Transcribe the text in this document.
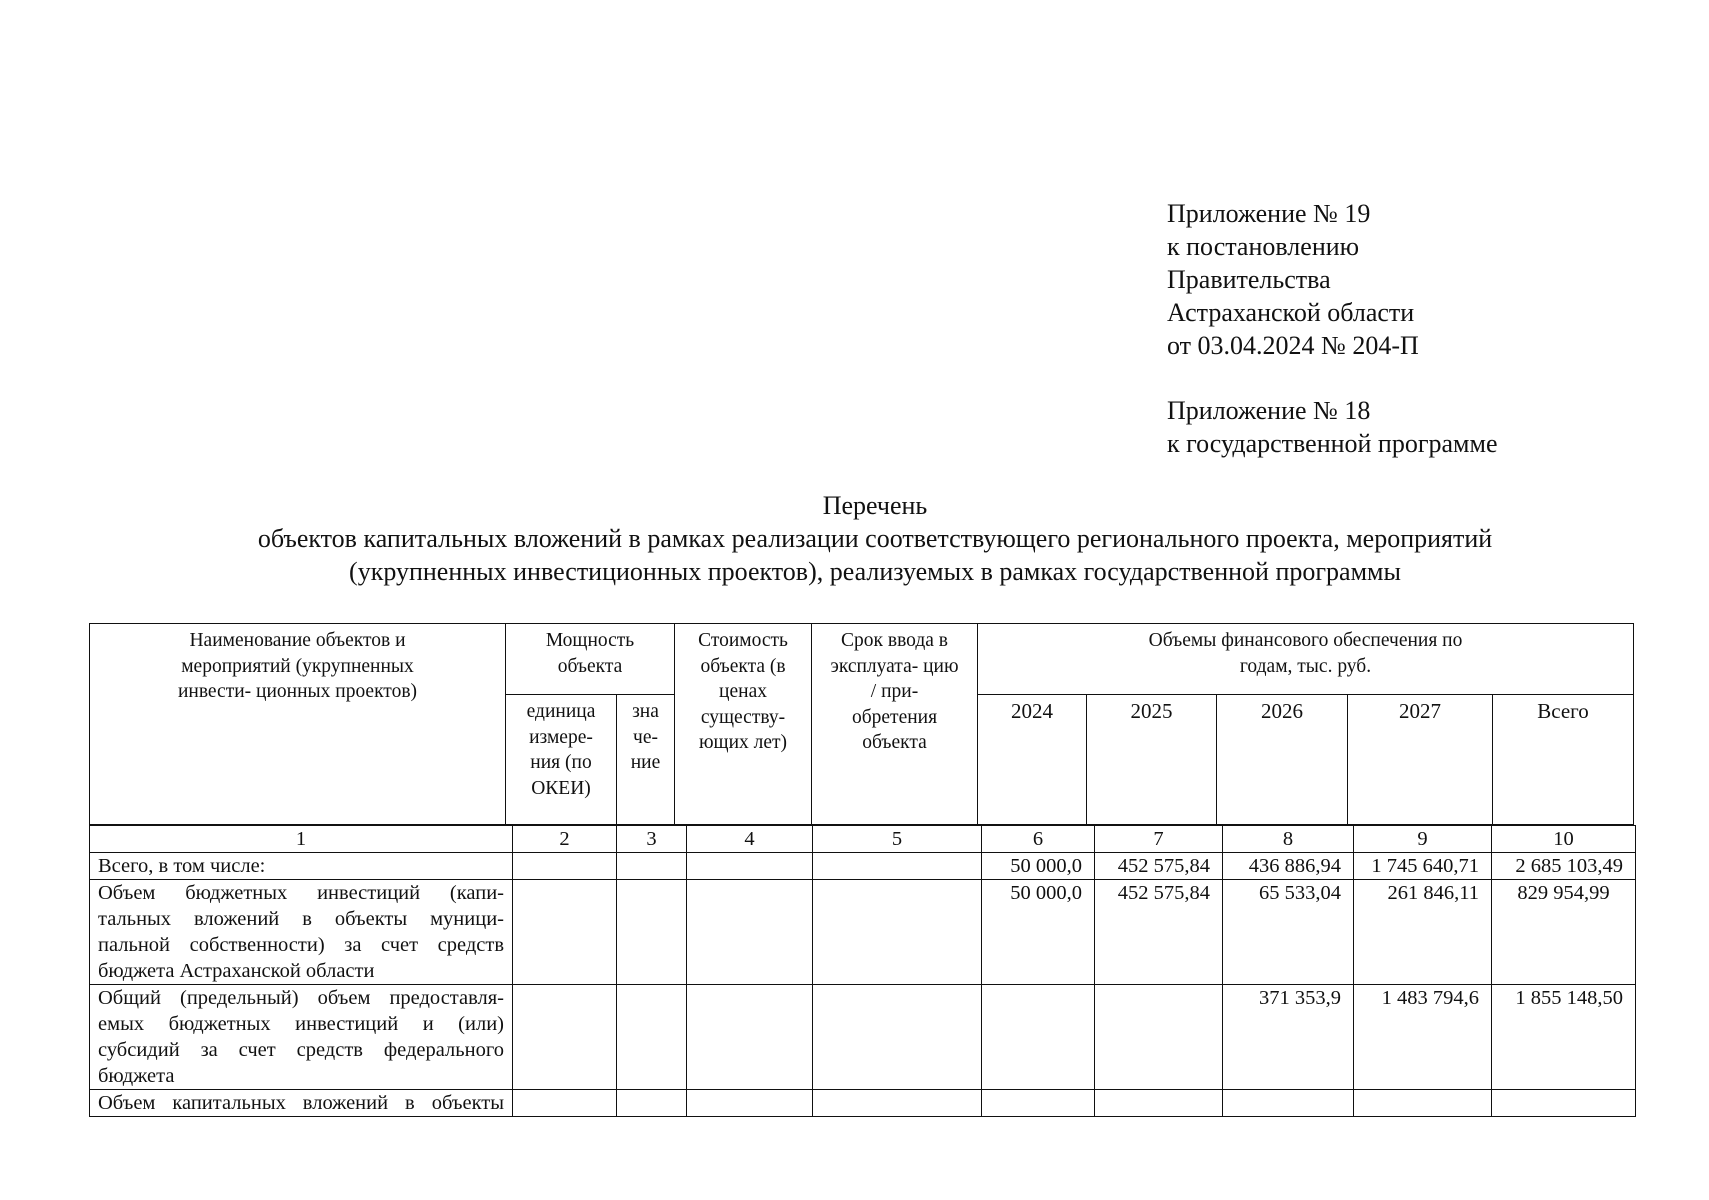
Приложение № 19
к постановлению
Правительства
Астраханской области
от 03.04.2024 № 204-П
Приложение № 18
к государственной программе
Перечень
объектов капитальных вложений в рамках реализации соответствующего регионального проекта, мероприятий
(укрупненных инвестиционных проектов), реализуемых в рамках государственной программы
Наименование объектов и мероприятий (укрупненных инвести- ционных проектов)	Мощность объекта		Стоимость объекта (в ценах существу- ющих лет)	Срок ввода в эксплуата- цию / при- обретения объекта	Объемы финансового обеспечения по годам, тыс. руб.				

	единица измере- ния (по ОКЕИ)	зна че- ние			2024	2025	2026	2027	Всего
1	2	3	4	5	6	7	8	9	10
Всего, в том числе:					50 000,0	452 575,84	436 886,94	1 745 640,71	2 685 103,49

Объем бюджетных инвестиций (капи-
тальных вложений в объекты муници-
пальной собственности) за счет средств
бюджета Астраханской области					50 000,0	452 575,84	65 533,04	261 846,11	829 954,99

Общий (предельный) объем предоставля-
емых бюджетных инвестиций и (или)
субсидий за счет средств федерального
бюджета							371 353,9	1 483 794,6	1 855 148,50

Объем капитальных вложений в объекты									
